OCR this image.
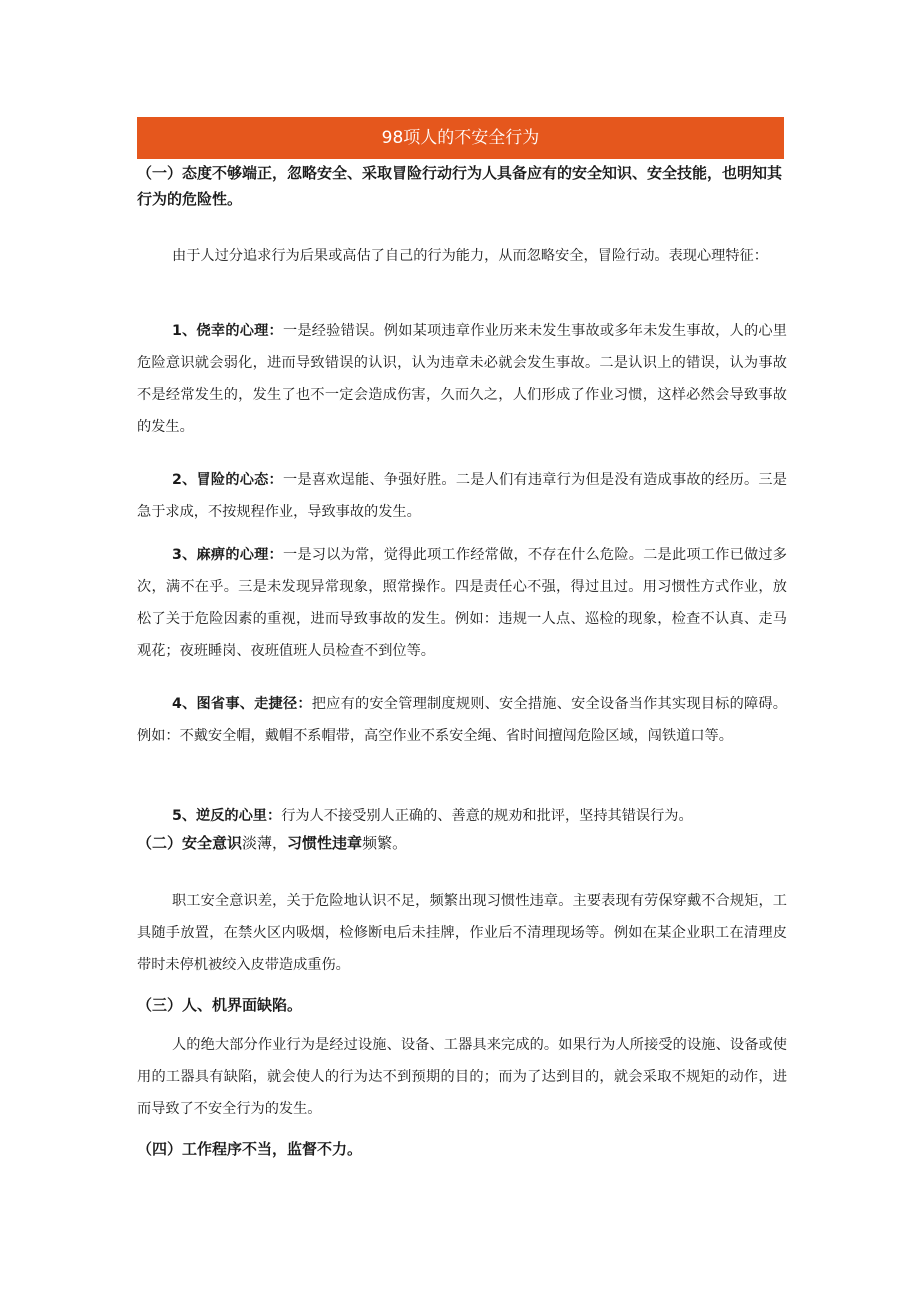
98项人的不安全行为
（一）态度不够端正，忽略安全、采取冒险行动行为人具备应有的安全知识、安全技能，也明知其行为的危险性。
由于人过分追求行为后果或高估了自己的行为能力，从而忽略安全，冒险行动。表现心理特征：
1、侥幸的心理：一是经验错误。例如某项违章作业历来未发生事故或多年未发生事故，人的心里危险意识就会弱化，进而导致错误的认识，认为违章未必就会发生事故。二是认识上的错误，认为事故不是经常发生的，发生了也不一定会造成伤害，久而久之，人们形成了作业习惯，这样必然会导致事故的发生。
2、冒险的心态：一是喜欢逞能、争强好胜。二是人们有违章行为但是没有造成事故的经历。三是急于求成，不按规程作业，导致事故的发生。
3、麻痹的心理：一是习以为常，觉得此项工作经常做，不存在什么危险。二是此项工作已做过多次，满不在乎。三是未发现异常现象，照常操作。四是责任心不强，得过且过。用习惯性方式作业，放松了关于危险因素的重视，进而导致事故的发生。例如：违规一人点、巡检的现象，检查不认真、走马观花；夜班睡岗、夜班值班人员检查不到位等。
4、图省事、走捷径：把应有的安全管理制度规则、安全措施、安全设备当作其实现目标的障碍。例如：不戴安全帽，戴帽不系帽带，高空作业不系安全绳、省时间擅闯危险区域，闯铁道口等。
5、逆反的心里：行为人不接受别人正确的、善意的规劝和批评，坚持其错误行为。
（二）安全意识淡薄，习惯性违章频繁。
职工安全意识差，关于危险地认识不足，频繁出现习惯性违章。主要表现有劳保穿戴不合规矩，工具随手放置，在禁火区内吸烟，检修断电后未挂牌，作业后不清理现场等。例如在某企业职工在清理皮带时未停机被绞入皮带造成重伤。
（三）人、机界面缺陷。
人的绝大部分作业行为是经过设施、设备、工器具来完成的。如果行为人所接受的设施、设备或使用的工器具有缺陷，就会使人的行为达不到预期的目的；而为了达到目的，就会采取不规矩的动作，进而导致了不安全行为的发生。
（四）工作程序不当，监督不力。
